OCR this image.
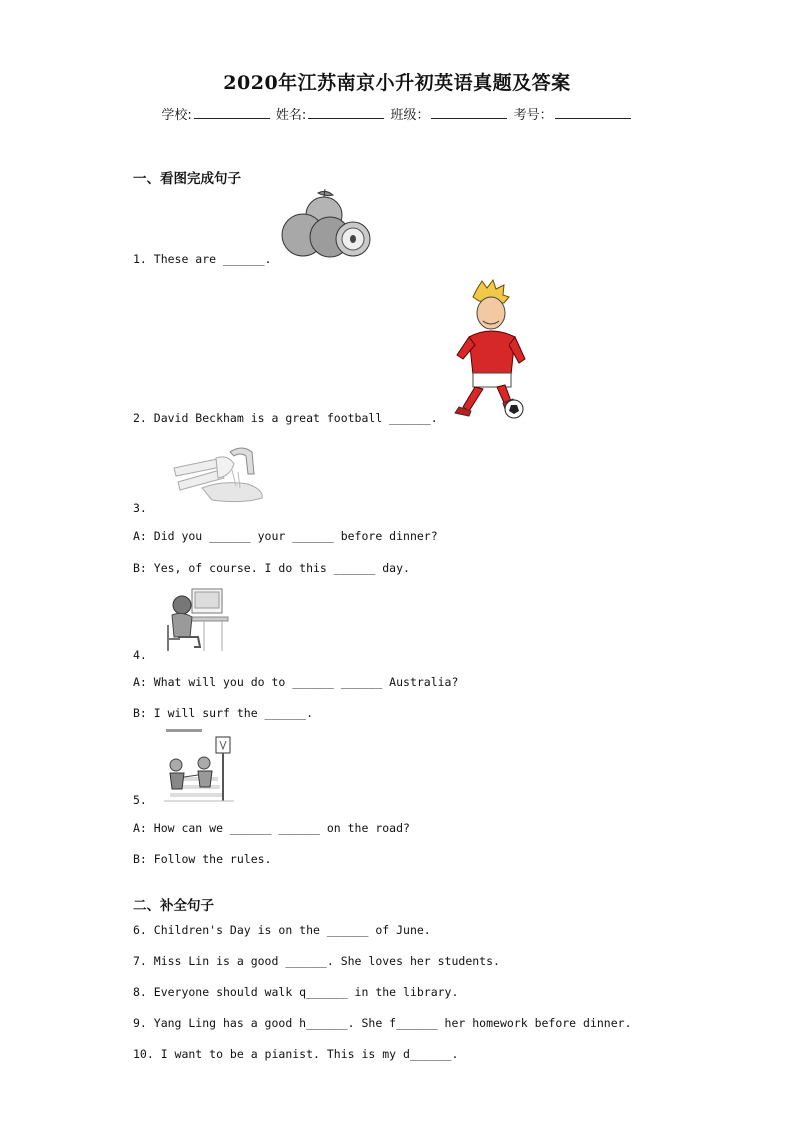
2020年江苏南京小升初英语真题及答案
学校:	姓名:	班级：	考号：
一、看图完成句子
1. These are ______.
2. David Beckham is a great football ______.
3.
A: Did you ______ your ______ before dinner?
B: Yes, of course. I do this ______ day.
4.
A: What will you do to ______ ______ Australia?
B: I will surf the ______.
5.
A: How can we ______ ______ on the road?
B: Follow the rules.
二、补全句子
6. Children's Day is on the ______ of June.
7. Miss Lin is a good ______. She loves her students.
8. Everyone should walk q______ in the library.
9. Yang Ling has a good h______. She f______ her homework before dinner.
10. I want to be a pianist. This is my d______.
